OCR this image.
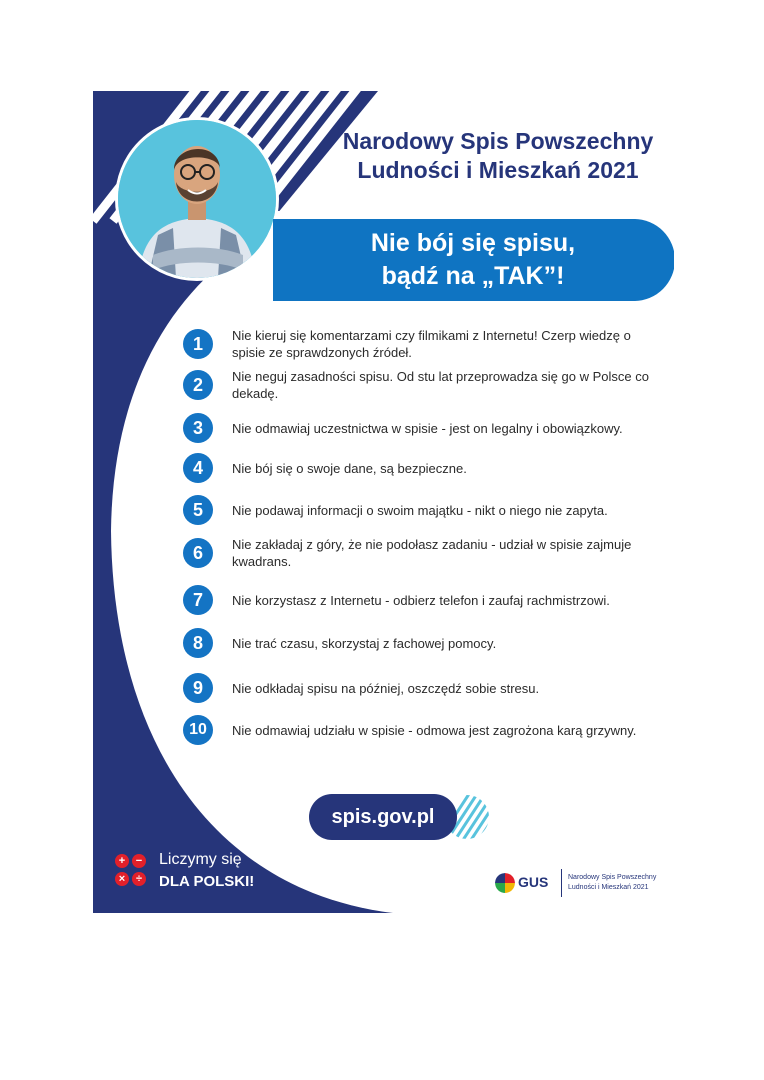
Narodowy Spis Powszechny
Ludności i Mieszkań 2021
Nie bój się spisu,
bądź na „TAK”!
1	Nie kieruj się komentarzami czy filmikami z Internetu! Czerp wiedzę o spisie ze sprawdzonych źródeł.
2	Nie neguj zasadności spisu. Od stu lat przeprowadza się go w Polsce co dekadę.
3	Nie odmawiaj uczestnictwa w spisie - jest on legalny i obowiązkowy.
4	Nie bój się o swoje dane, są bezpieczne.
5	Nie podawaj informacji o swoim majątku - nikt o niego nie zapyta.
6	Nie zakładaj z góry, że nie podołasz zadaniu - udział w spisie zajmuje kwadrans.
7	Nie korzystasz z Internetu - odbierz telefon i zaufaj rachmistrzowi.
8	Nie trać czasu, skorzystaj z fachowej pomocy.
9	Nie odkładaj spisu na później, oszczędź sobie stresu.
10	Nie odmawiaj udziału w spisie - odmowa jest zagrożona karą grzywny.
spis.gov.pl
+ −
× ÷
Liczymy się
DLA POLSKI!	GUS	Narodowy Spis Powszechny
Ludności i Mieszkań 2021
